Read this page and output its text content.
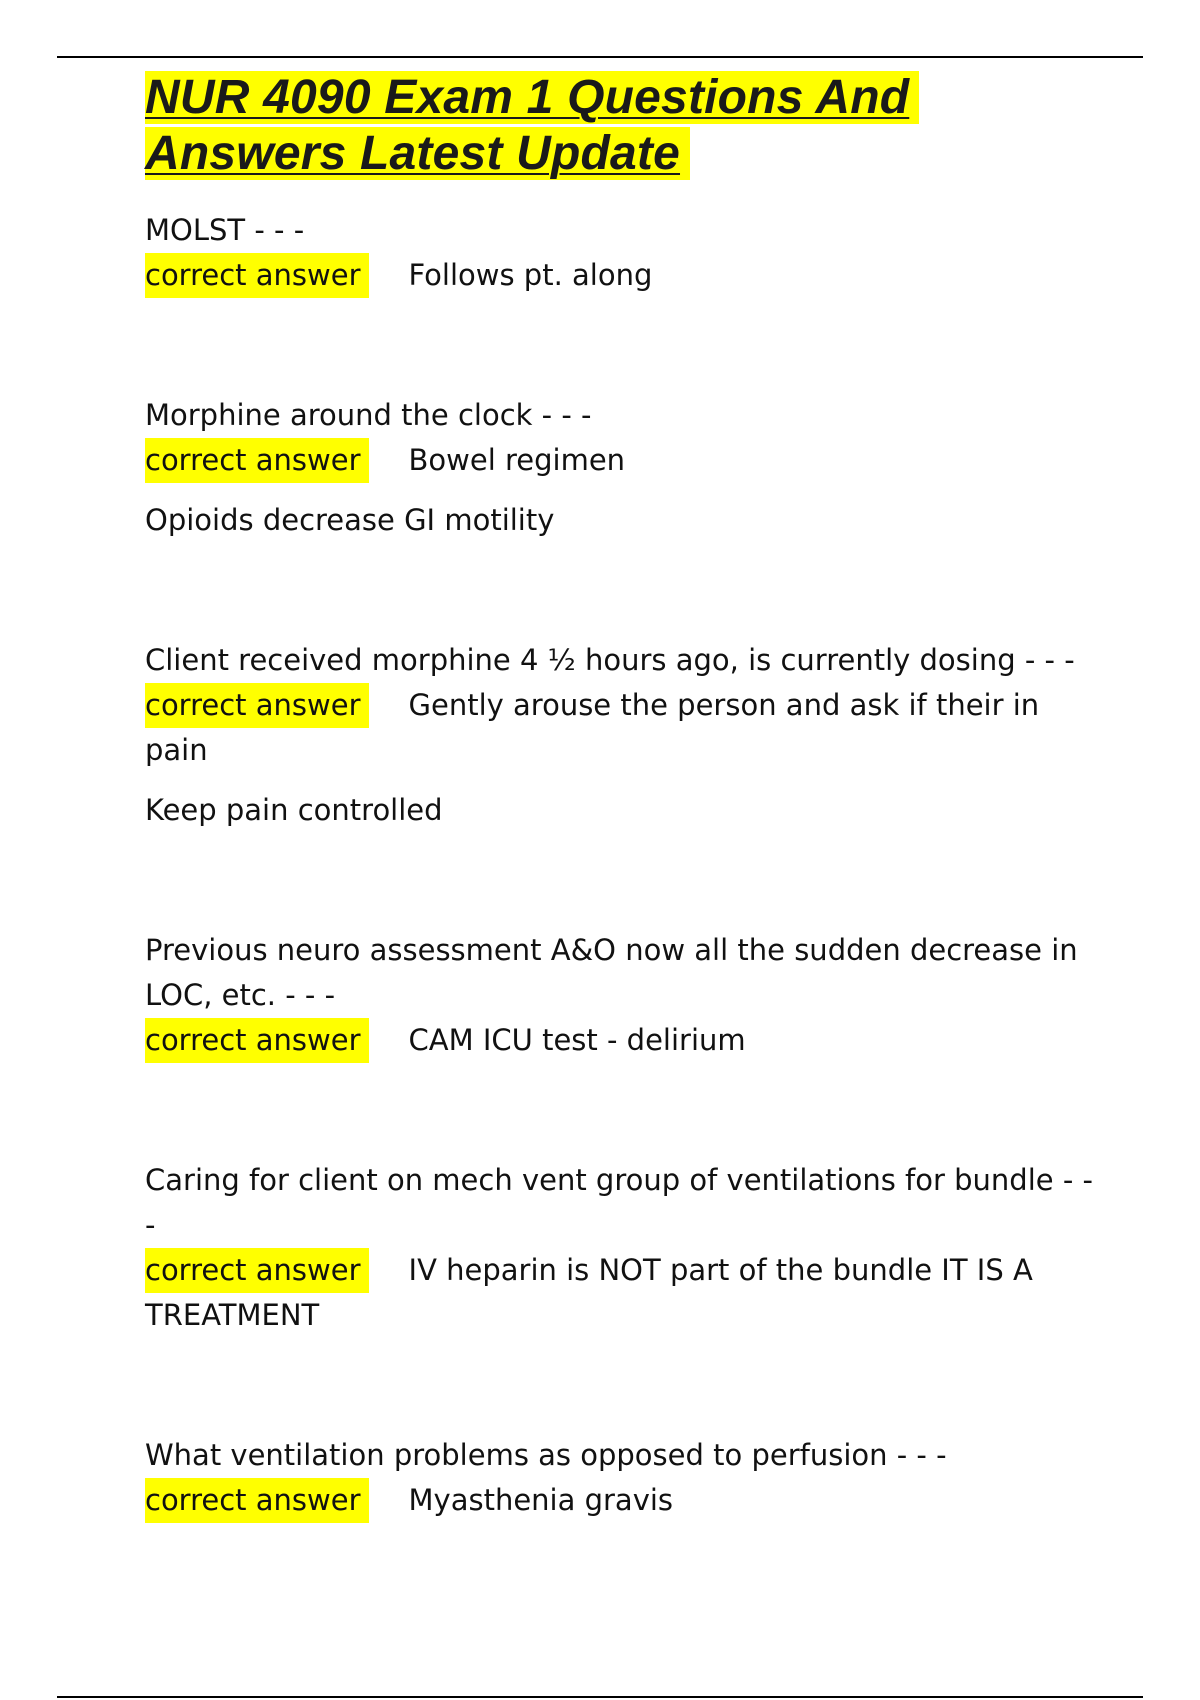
NUR 4090 Exam 1 Questions And
Answers Latest Update
MOLST - - -
correct answer Follows pt. along
Morphine around the clock - - -
correct answer Bowel regimen
Opioids decrease GI motility
Client received morphine 4 ½ hours ago, is currently dosing - - -
correct answer Gently arouse the person and ask if their in pain
Keep pain controlled
Previous neuro assessment A&O now all the sudden decrease in LOC, etc. - - -
correct answer CAM ICU test - delirium
Caring for client on mech vent group of ventilations for bundle - - -
correct answer IV heparin is NOT part of the bundle IT IS A TREATMENT
What ventilation problems as opposed to perfusion - - -
correct answer Myasthenia gravis
